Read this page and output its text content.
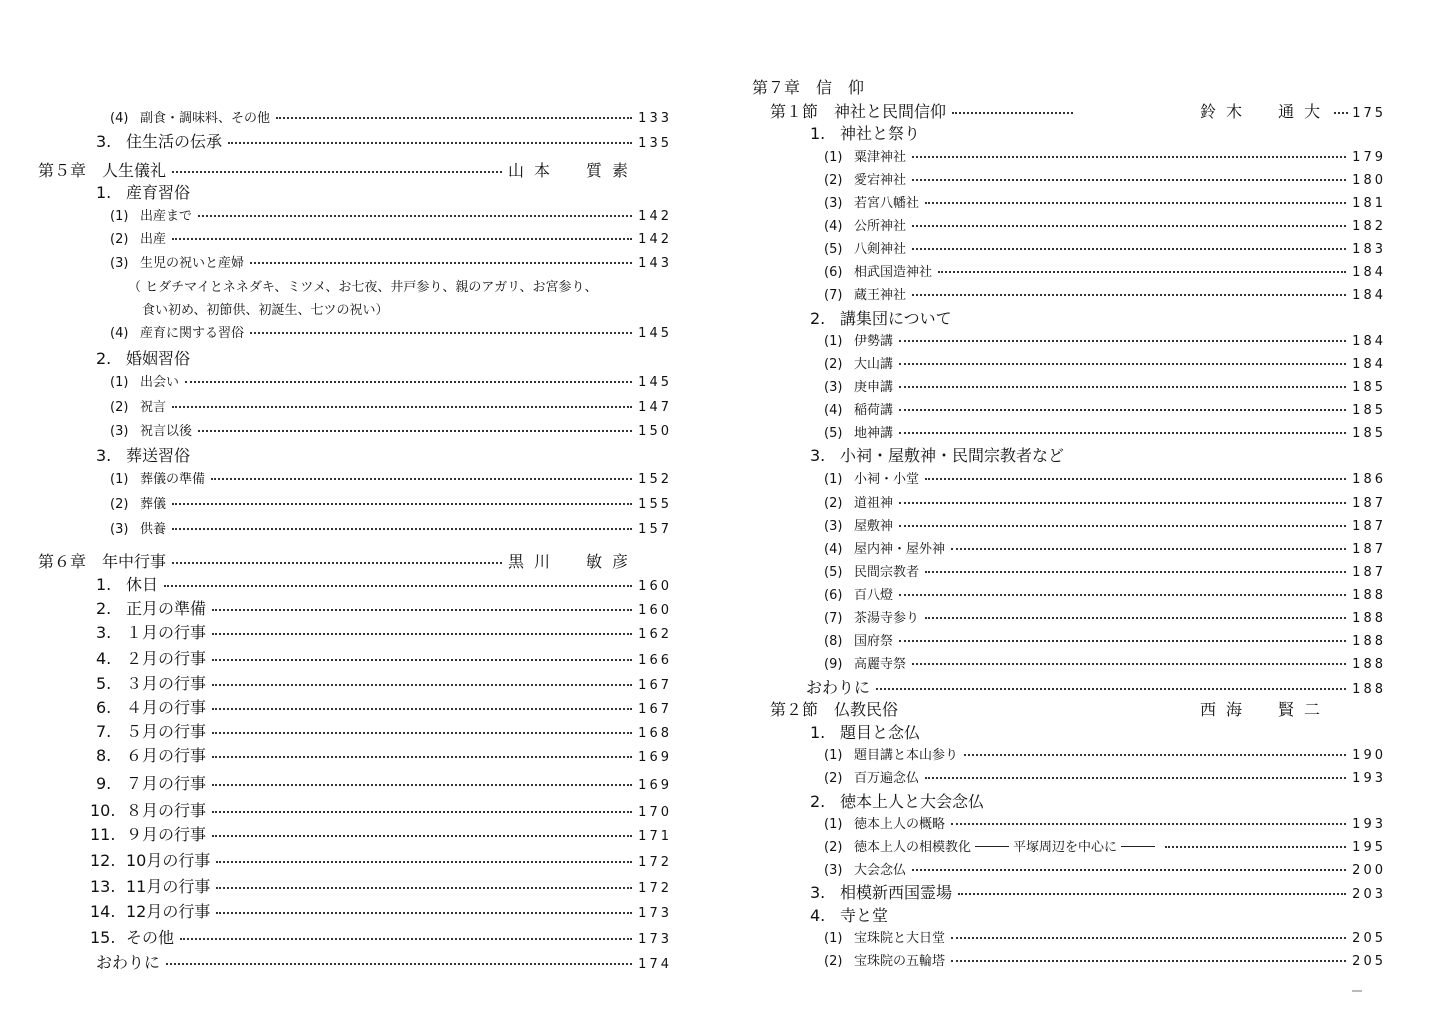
(4) 副食・調味料、その他	133
3. 住生活の伝承	135
第５章　人生儀礼	山本　質素
1. 産育習俗
(1) 出産まで	142
(2) 出産	142
(3) 生児の祝いと産婦	143
（ ヒダチマイとネネダキ、ミツメ、お七夜、井戸参り、親のアガリ、お宮参り、
食い初め、初節供、初誕生、七ツの祝い）
(4) 産育に関する習俗	145
2. 婚姻習俗
(1) 出会い	145
(2) 祝言	147
(3) 祝言以後	150
3. 葬送習俗
(1) 葬儀の準備	152
(2) 葬儀	155
(3) 供養	157
第６章　年中行事	黒川　敏彦
1. 休日	160
2. 正月の準備	160
3. １月の行事	162
4. ２月の行事	166
5. ３月の行事	167
6. ４月の行事	167
7. ５月の行事	168
8. ６月の行事	169
9. ７月の行事	169
10. ８月の行事	170
11. ９月の行事	171
12. 10月の行事	172
13. 11月の行事	172
14. 12月の行事	173
15. その他	173
おわりに	174
第７章　信　仰
第１節　神社と民間信仰	鈴木　通大 175
1. 神社と祭り
(1) 粟津神社	179
(2) 愛宕神社	180
(3) 若宮八幡社	181
(4) 公所神社	182
(5) 八剣神社	183
(6) 相武国造神社	184
(7) 蔵王神社	184
2. 講集団について
(1) 伊勢講	184
(2) 大山講	184
(3) 庚申講	185
(4) 稲荷講	185
(5) 地神講	185
3. 小祠・屋敷神・民間宗教者など
(1) 小祠・小堂	186
(2) 道祖神	187
(3) 屋敷神	187
(4) 屋内神・屋外神	187
(5) 民間宗教者	187
(6) 百八燈	188
(7) 茶湯寺参り	188
(8) 国府祭	188
(9) 高麗寺祭	188
おわりに	188
第２節　仏教民俗	西海　賢二
1. 題目と念仏
(1) 題目講と本山参り	190
(2) 百万遍念仏	193
2. 徳本上人と大会念仏
(1) 徳本上人の概略	193
(2) 徳本上人の相模教化	平塚周辺を中心に	195
(3) 大会念仏	200
3. 相模新西国霊場	203
4. 寺と堂
(1) 宝珠院と大日堂	205
(2) 宝珠院の五輪塔	205
